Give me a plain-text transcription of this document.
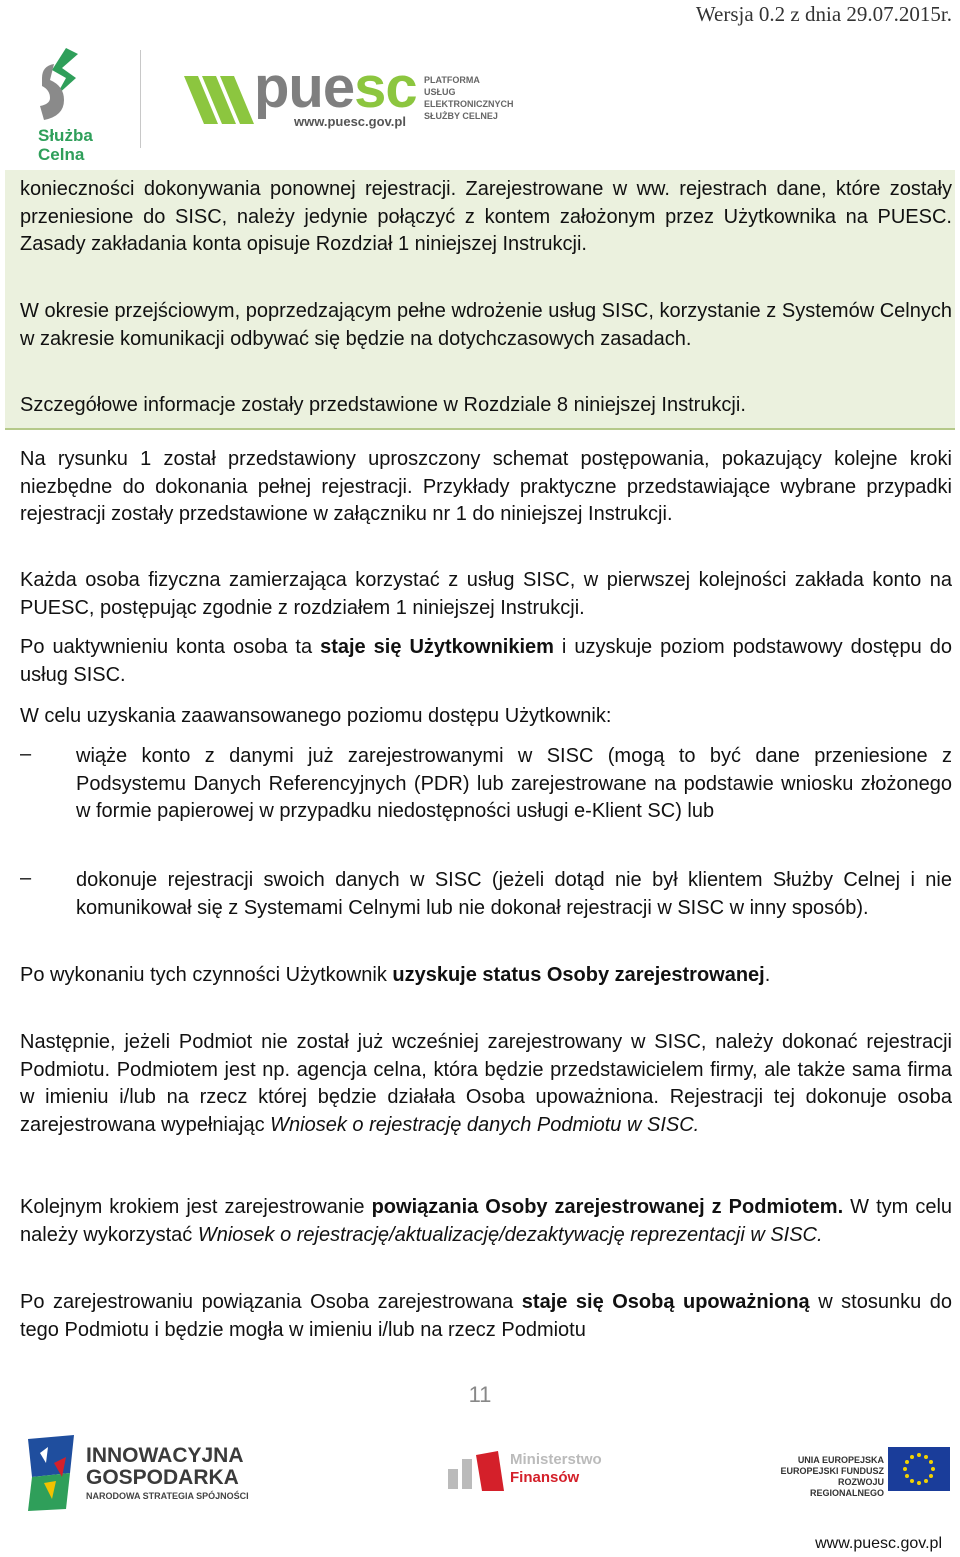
Wersja 0.2 z dnia 29.07.2015r.
Służba
Celna
puesc
www.puesc.gov.pl
PLATFORMA
USŁUG
ELEKTRONICZNYCH
SŁUŻBY CELNEJ

konieczności dokonywania ponownej rejestracji. Zarejestrowane w ww. rejestrach dane, które zostały przeniesione do SISC, należy jedynie połączyć z kontem założonym przez Użytkownika na PUESC. Zasady zakładania konta opisuje Rozdział 1 niniejszej Instrukcji.

W okresie przejściowym, poprzedzającym pełne wdrożenie usług SISC, korzystanie z Systemów Celnych w zakresie komunikacji odbywać się będzie na dotychczasowych zasadach.

Szczegółowe informacje zostały przedstawione w Rozdziale 8 niniejszej Instrukcji.

Na rysunku 1 został przedstawiony uproszczony schemat postępowania, pokazujący kolejne kroki niezbędne do dokonania pełnej rejestracji. Przykłady praktyczne przedstawiające wybrane przypadki rejestracji zostały przedstawione w załączniku nr 1 do niniejszej Instrukcji.

Każda osoba fizyczna zamierzająca korzystać z usług SISC, w pierwszej kolejności zakłada konto na PUESC, postępując zgodnie z rozdziałem 1 niniejszej Instrukcji.

Po uaktywnieniu konta osoba ta staje się Użytkownikiem i uzyskuje poziom podstawowy dostępu do usług SISC.

W celu uzyskania zaawansowanego poziomu dostępu Użytkownik:

– wiąże konto z danymi już zarejestrowanymi w SISC (mogą to być dane przeniesione z Podsystemu Danych Referencyjnych (PDR) lub zarejestrowane na podstawie wniosku złożonego w formie papierowej w przypadku niedostępności usługi e-Klient SC) lub

– dokonuje rejestracji swoich danych w SISC (jeżeli dotąd nie był klientem Służby Celnej i nie komunikował się z Systemami Celnymi lub nie dokonał rejestracji w SISC w inny sposób).

Po wykonaniu tych czynności Użytkownik uzyskuje status Osoby zarejestrowanej.

Następnie, jeżeli Podmiot nie został już wcześniej zarejestrowany w SISC, należy dokonać rejestracji Podmiotu. Podmiotem jest np. agencja celna, która będzie przedstawicielem firmy, ale także sama firma w imieniu i/lub na rzecz której będzie działała Osoba upoważniona. Rejestracji tej dokonuje osoba zarejestrowana wypełniając Wniosek o rejestrację danych Podmiotu w SISC.

Kolejnym krokiem jest zarejestrowanie powiązania Osoby zarejestrowanej z Podmiotem. W tym celu należy wykorzystać Wniosek o rejestrację/aktualizację/dezaktywację reprezentacji w SISC.

Po zarejestrowaniu powiązania Osoba zarejestrowana staje się Osobą upoważnioną w stosunku do tego Podmiotu i będzie mogła w imieniu i/lub na rzecz Podmiotu

11
INNOWACYJNA
GOSPODARKA
NARODOWA STRATEGIA SPÓJNOŚCI
Ministerstwo
Finansów
UNIA EUROPEJSKA
EUROPEJSKI FUNDUSZ
ROZWOJU REGIONALNEGO
www.puesc.gov.pl
